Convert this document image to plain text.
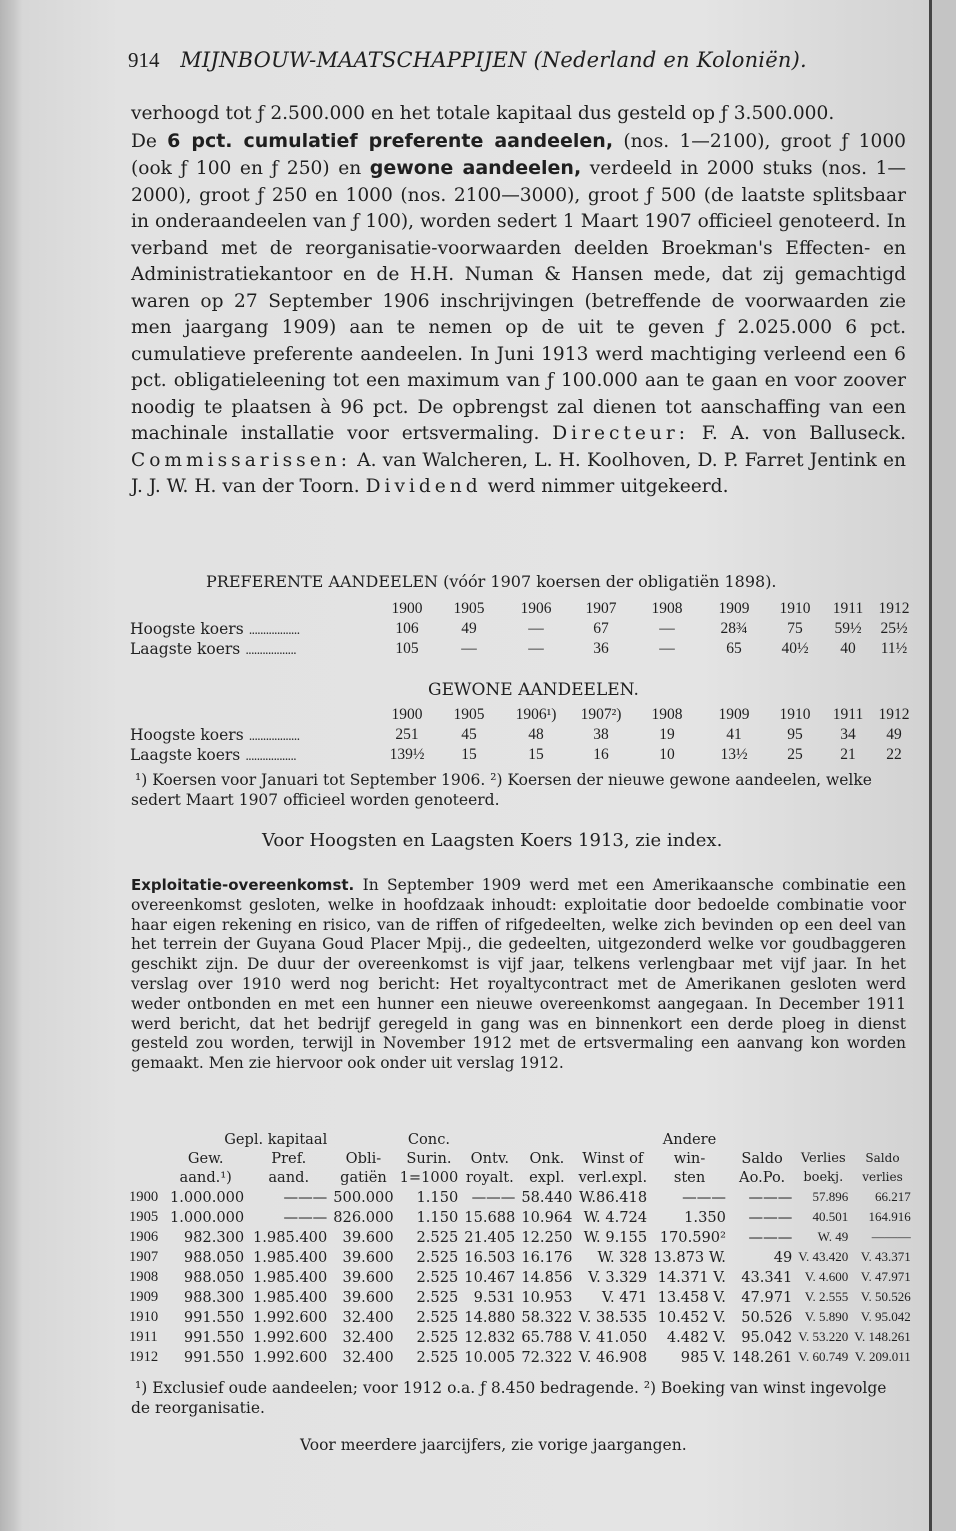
914 MIJNBOUW-MAATSCHAPPIJEN (Nederland en Koloniën).

verhoogd tot ƒ 2.500.000 en het totale kapitaal dus gesteld op ƒ 3.500.000.

De 6 pct. cumulatief preferente aandeelen, (nos. 1—2100), groot ƒ 1000 (ook ƒ 100 en ƒ 250) en gewone aandeelen, verdeeld in 2000 stuks (nos. 1—2000), groot ƒ 250 en 1000 (nos. 2100—3000), groot ƒ 500 (de laatste splitsbaar in onderaandeelen van ƒ 100), worden sedert 1 Maart 1907 officieel genoteerd. In verband met de reorganisatie-voorwaarden deelden Broekman's Effecten- en Administratiekantoor en de H.H. Numan & Hansen mede, dat zij gemachtigd waren op 27 September 1906 inschrijvingen (betreffende de voorwaarden zie men jaargang 1909) aan te nemen op de uit te geven ƒ 2.025.000 6 pct. cumulatieve preferente aandeelen. In Juni 1913 werd machtiging verleend een 6 pct. obligatieleening tot een maximum van ƒ 100.000 aan te gaan en voor zoover noodig te plaatsen à 96 pct. De opbrengst zal dienen tot aanschaffing van een machinale installatie voor ertsvermaling. Directeur: F. A. von Balluseck. Commissarissen: A. van Walcheren, L. H. Koolhoven, D. P. Farret Jentink en J. J. W. H. van der Toorn. Dividend werd nimmer uitgekeerd.

PREFERENTE AANDEELEN (vóór 1907 koersen der obligatiën 1898).
	1900	1905	1906	1907	1908	1909	1910	1911	1912
Hoogste koers ..................	106	49	—	67	—	28¾	75	59½	25½
Laagste koers ..................	105	—	—	36	—	65	40½	40	11½
GEWONE AANDEELEN.
	1900	1905	1906¹)	1907²)	1908	1909	1910	1911	1912
Hoogste koers ..................	251	45	48	38	19	41	95	34	49
Laagste koers ..................	139½	15	15	16	10	13½	25	21	22
¹) Koersen voor Januari tot September 1906. ²) Koersen der nieuwe gewone aandeelen, welke sedert Maart 1907 officieel worden genoteerd.
Voor Hoogsten en Laagsten Koers 1913, zie index.
Exploitatie-overeenkomst. In September 1909 werd met een Amerikaansche combinatie een overeenkomst gesloten, welke in hoofdzaak inhoudt: exploitatie door bedoelde combinatie voor haar eigen rekening en risico, van de riffen of rifgedeelten, welke zich bevinden op een deel van het terrein der Guyana Goud Placer Mpij., die gedeelten, uitgezonderd welke vor goudbaggeren geschikt zijn. De duur der overeenkomst is vijf jaar, telkens verlengbaar met vijf jaar. In het verslag over 1910 werd nog bericht: Het royaltycontract met de Amerikanen gesloten werd weder ontbonden en met een hunner een nieuwe overeenkomst aangegaan. In December 1911 werd bericht, dat het bedrijf geregeld in gang was en binnenkort een derde ploeg in dienst gesteld zou worden, terwijl in November 1912 met de ertsvermaling een aanvang kon worden gemaakt. Men zie hiervoor ook onder uit verslag 1912.
	Gepl. kapitaal			Conc.				Andere			
	Gew.	Pref.	Obli-	Surin.	Ontv.	Onk.	Winst of	win-	Saldo	Verlies	Saldo
	aand.¹)	aand.	gatiën	1=1000	royalt.	expl.	verl.expl.	sten	Ao.Po.	boekj.	verlies
1900	1.000.000	———	500.000	1.150	———	58.440	W.86.418	———	———	57.896	66.217
1905	1.000.000	———	826.000	1.150	15.688	10.964	W. 4.724	1.350	———	40.501	164.916
1906	982.300	1.985.400	39.600	2.525	21.405	12.250	W. 9.155	170.590²	———	W. 49	———
1907	988.050	1.985.400	39.600	2.525	16.503	16.176	W. 328	13.873 W.	49	V. 43.420	V. 43.371
1908	988.050	1.985.400	39.600	2.525	10.467	14.856	V. 3.329	14.371 V.	43.341	V. 4.600	V. 47.971
1909	988.300	1.985.400	39.600	2.525	9.531	10.953	V. 471	13.458 V.	47.971	V. 2.555	V. 50.526
1910	991.550	1.992.600	32.400	2.525	14.880	58.322	V. 38.535	10.452 V.	50.526	V. 5.890	V. 95.042
1911	991.550	1.992.600	32.400	2.525	12.832	65.788	V. 41.050	4.482 V.	95.042	V. 53.220	V. 148.261
1912	991.550	1.992.600	32.400	2.525	10.005	72.322	V. 46.908	985 V.	148.261	V. 60.749	V. 209.011
¹) Exclusief oude aandeelen; voor 1912 o.a. ƒ 8.450 bedragende. ²) Boeking van winst ingevolge de reorganisatie.
Voor meerdere jaarcijfers, zie vorige jaargangen.
